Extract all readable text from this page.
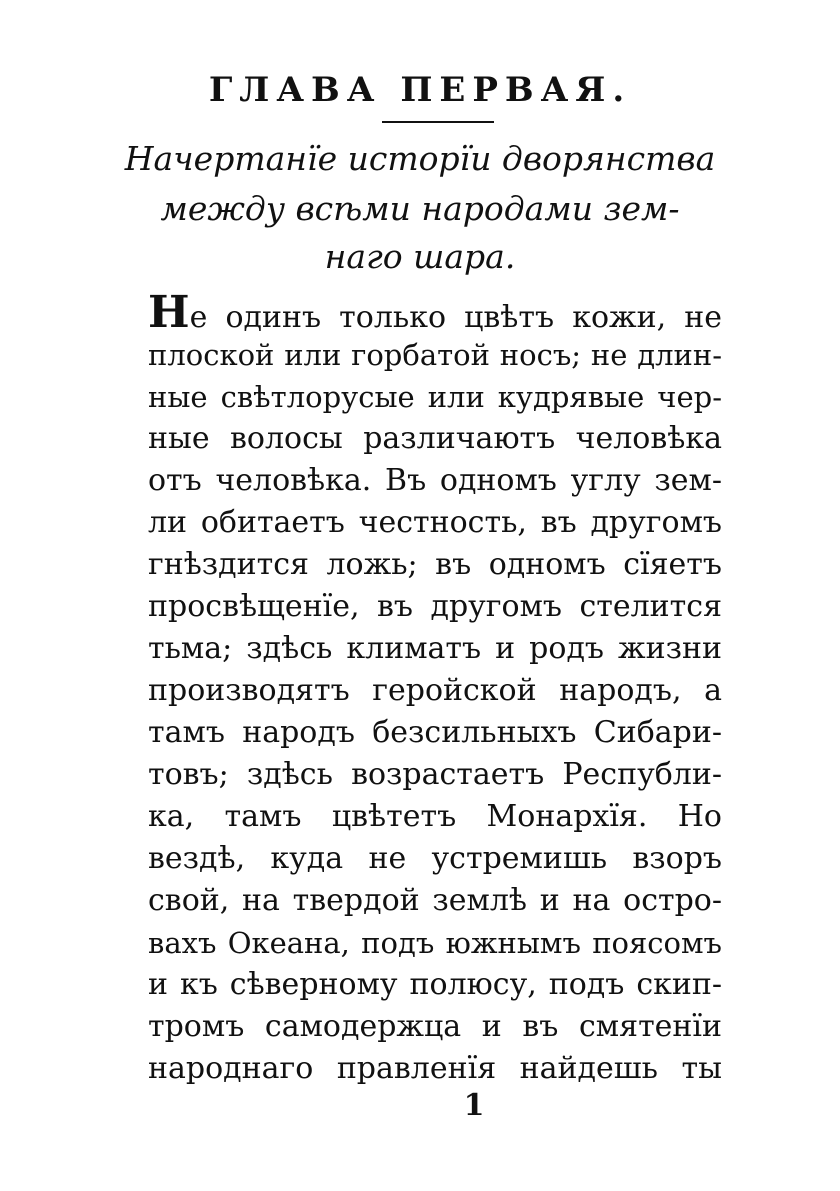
ГЛАВА ПЕРВАЯ.
Начертанїе исторїи дворянства
между всѣми народами зем-
наго шара.
Не одинъ только цвѣтъ кожи, не
плоской или горбатой носъ; не длин-
ные свѣтлорусые или кудрявые чер-
ные волосы различаютъ человѣка
отъ человѣка. Въ одномъ углу зем-
ли обитаетъ честность, въ другомъ
гнѣздится ложь; въ одномъ сїяетъ
просвѣщенїе, въ другомъ стелится
тьма; здѣсь климатъ и родъ жизни
производятъ геройской народъ, а
тамъ народъ безсильныхъ Сибари-
товъ; здѣсь возрастаетъ Республи-
ка, тамъ цвѣтетъ Монархїя. Но
вездѣ, куда не устремишь взоръ
свой, на твердой землѣ и на остро-
вахъ Океана, подъ южнымъ поясомъ
и къ сѣверному полюсу, подъ скип-
тромъ самодержца и въ смятенїи
народнаго правленїя найдешь ты
1
